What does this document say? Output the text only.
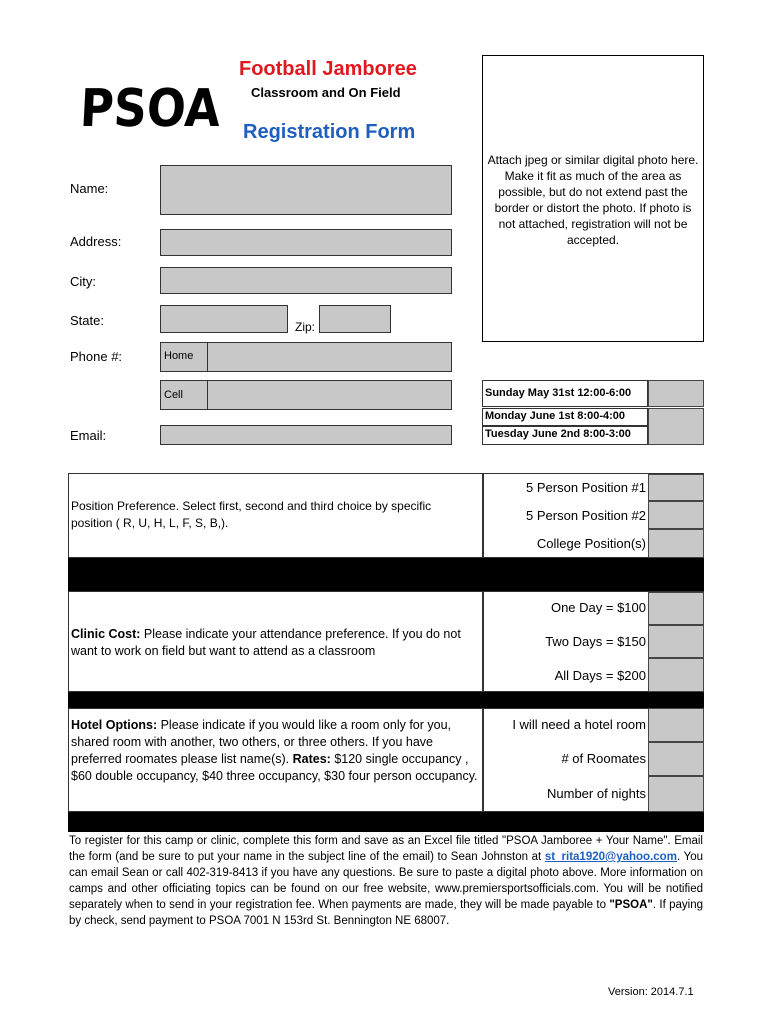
PSOA
Football Jamboree
Classroom and On Field
Registration Form
Attach jpeg or similar digital photo here. Make it fit as much of the area as possible, but do not extend past the border or distort the photo. If photo is not attached, registration will not be accepted.
Name:
Address:
City:
State:	Zip:
Phone #:	Home
Cell
Email:
Sunday May 31st 12:00-6:00
Monday June 1st 8:00-4:00
Tuesday June 2nd 8:00-3:00
Position Preference. Select first, second and third choice by specific position ( R, U, H, L, F, S, B,).
5 Person Position #1
5 Person Position #2
College Position(s)
Clinic Cost: Please indicate your attendance preference. If you do not want to work on field but want to attend as a classroom
One Day = $100
Two Days = $150
All Days = $200
Hotel Options: Please indicate if you would like a room only for you, shared room with another, two others, or three others. If you have preferred roomates please list name(s). Rates: $120 single occupancy , $60 double occupancy, $40 three occupancy, $30 four person occupancy.
I will need a hotel room
# of Roomates
Number of nights
To register for this camp or clinic, complete this form and save as an Excel file titled "PSOA Jamboree + Your Name". Email the form (and be sure to put your name in the subject line of the email) to Sean Johnston at st_rita1920@yahoo.com. You can email Sean or call 402-319-8413 if you have any questions. Be sure to paste a digital photo above. More information on camps and other officiating topics can be found on our free website, www.premiersportsofficials.com. You will be notified separately when to send in your registration fee. When payments are made, they will be made payable to "PSOA". If paying by check, send payment to PSOA 7001 N 153rd St. Bennington NE 68007.
Version: 2014.7.1
